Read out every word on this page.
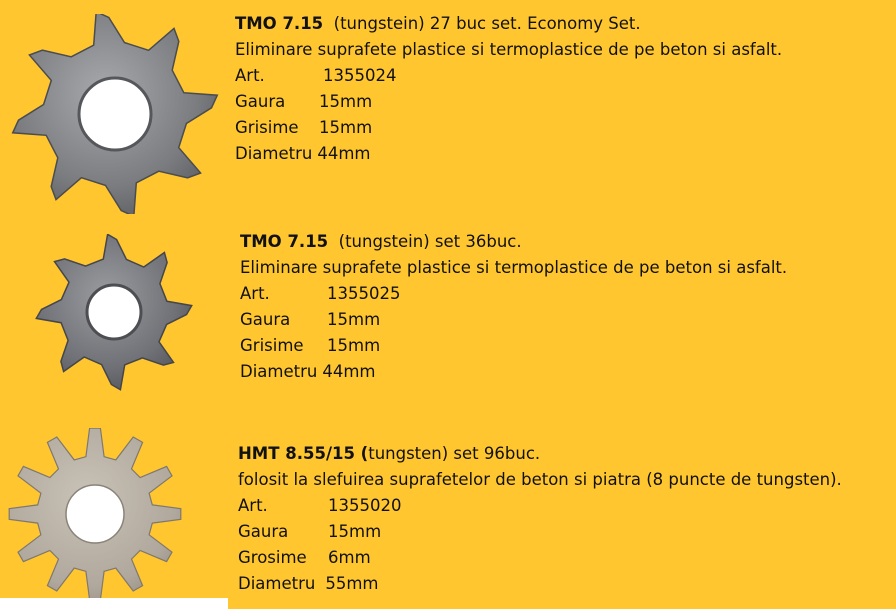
TMO 7.15  (tungstein) 27 buc set. Economy Set.
Eliminare suprafete plastice si termoplastice de pe beton si asfalt.
Art.	1355024
Gaura 15mm
Grisime 15mm
Diametru 44mm
TMO 7.15  (tungstein) set 36buc.
Eliminare suprafete plastice si termoplastice de pe beton si asfalt.
Art.	1355025
Gaura 15mm
Grisime 15mm
Diametru 44mm
HMT 8.55/15 (tungsten) set 96buc.
folosit la slefuirea suprafetelor de beton si piatra (8 puncte de tungsten).
Art.	1355020
Gaura 15mm
Grosime 6mm
Diametru 55mm
